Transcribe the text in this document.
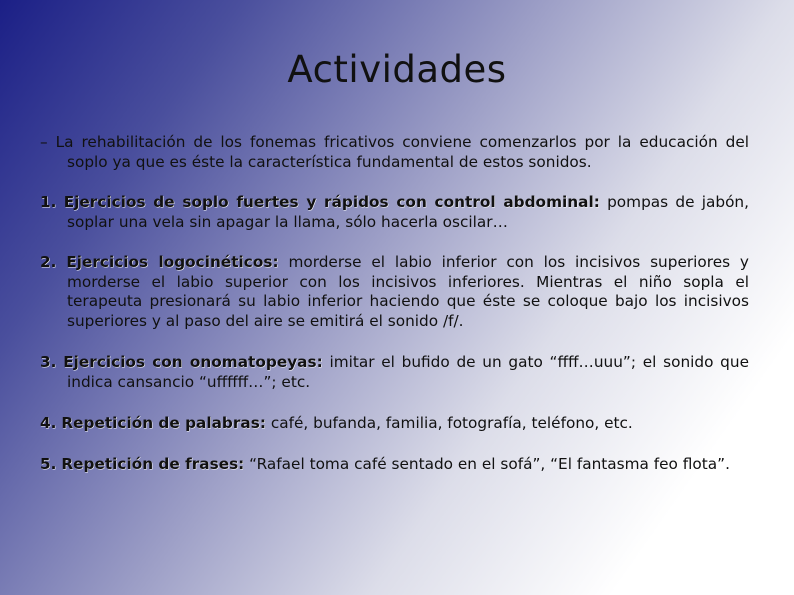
Actividades

– La rehabilitación de los fonemas fricativos conviene comenzarlos por la educación del soplo ya que es éste la característica fundamental de estos sonidos.

1. Ejercicios de soplo fuertes y rápidos con control abdominal: pompas de jabón, soplar una vela sin apagar la llama, sólo hacerla oscilar…

2. Ejercicios logocinéticos: morderse el labio inferior con los incisivos superiores y morderse el labio superior con los incisivos inferiores. Mientras el niño sopla el terapeuta presionará su labio inferior haciendo que éste se coloque bajo los incisivos superiores y al paso del aire se emitirá el sonido /f/.

3. Ejercicios con onomatopeyas: imitar el bufido de un gato “ffff…uuu”; el sonido que indica cansancio “uffffff…”; etc.

4. Repetición de palabras: café, bufanda, familia, fotografía, teléfono, etc.

5. Repetición de frases: “Rafael toma café sentado en el sofá”, “El fantasma feo flota”.
